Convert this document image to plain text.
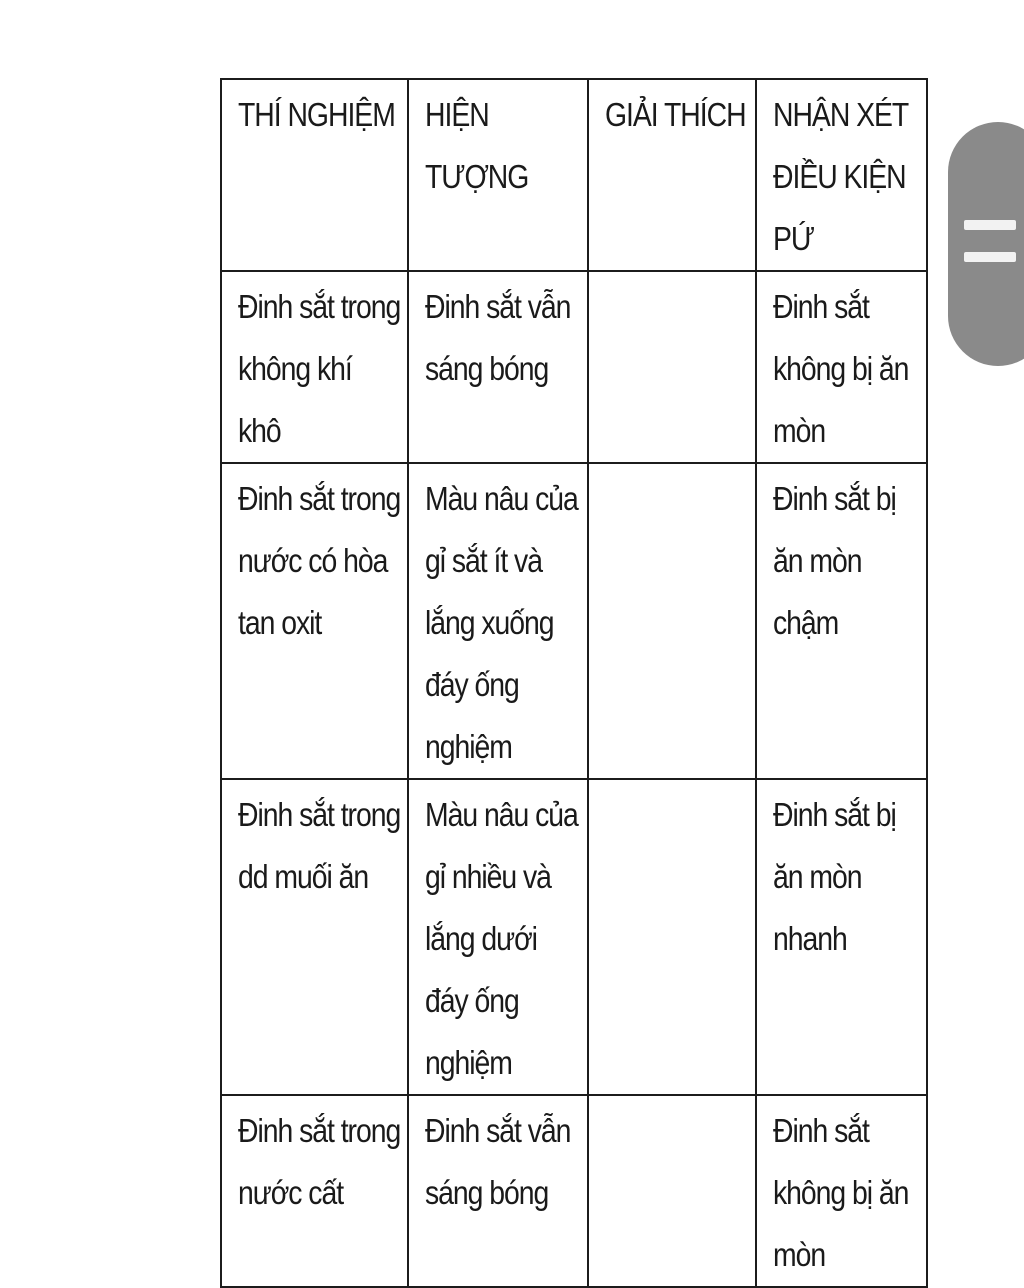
THÍ NGHIỆM	HIỆN TƯỢNG	GIẢI THÍCH	NHẬN XÉT ĐIỀU KIỆN PỨ

Đinh sắt trong không khí khô	Đinh sắt vẫn sáng bóng		Đinh sắt không bị ăn mòn

Đinh sắt trong nước có hòa tan oxit	Màu nâu của gỉ sắt ít và lắng xuống đáy ống nghiệm		Đinh sắt bị ăn mòn chậm

Đinh sắt trong dd muối ăn	Màu nâu của gỉ nhiều và lắng dưới đáy ống nghiệm		Đinh sắt bị ăn mòn nhanh

Đinh sắt trong nước cất	Đinh sắt vẫn sáng bóng		Đinh sắt không bị ăn mòn
